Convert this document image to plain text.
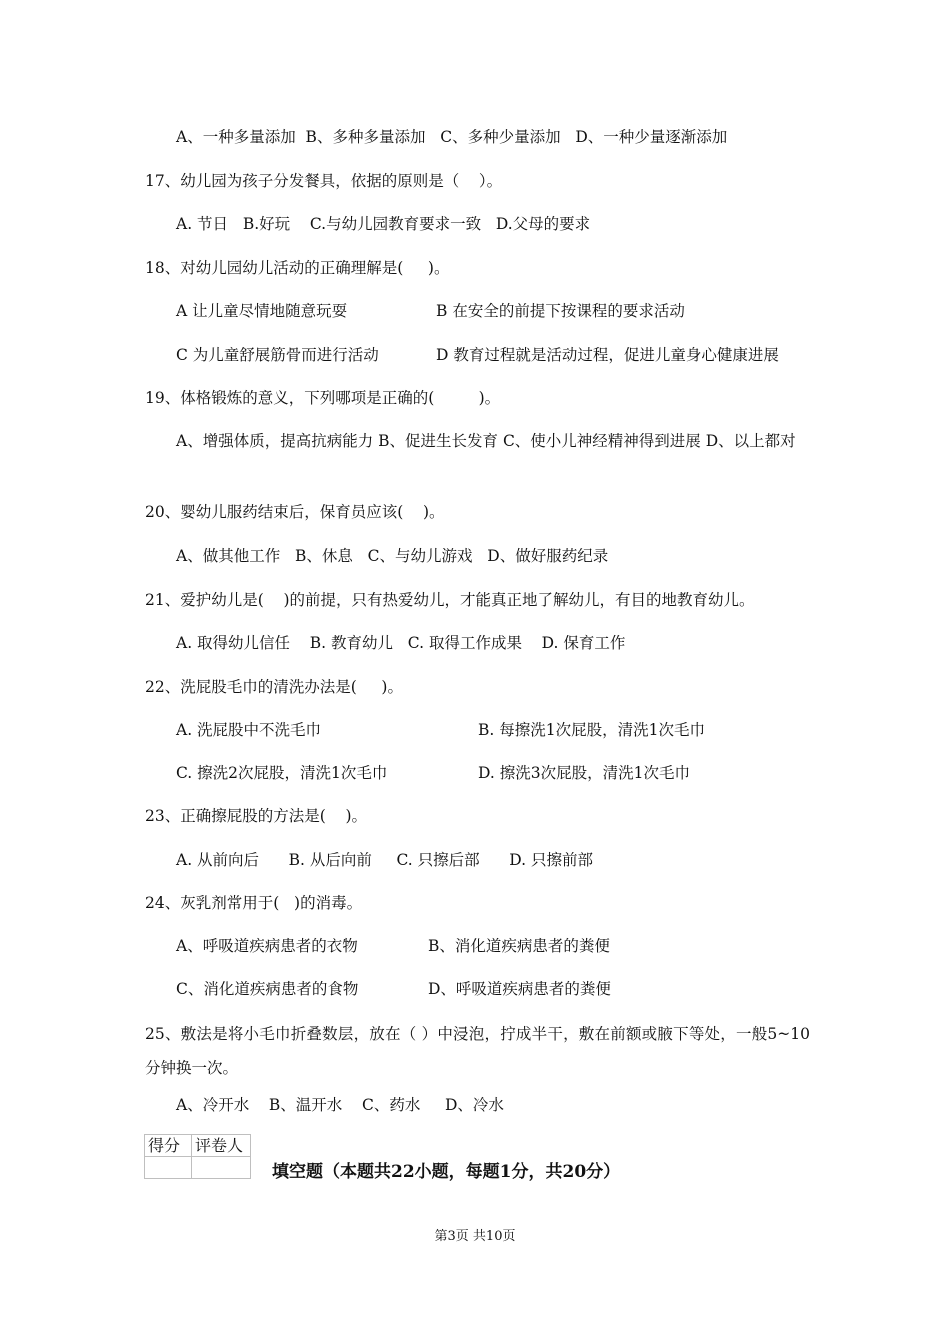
A、一种多量添加  B、多种多量添加   C、多种少量添加   D、一种少量逐渐添加
17、幼儿园为孩子分发餐具，依据的原则是（    ）。
A. 节日   B.好玩    C.与幼儿园教育要求一致   D.父母的要求
18、对幼儿园幼儿活动的正确理解是(     )。
A 让儿童尽情地随意玩耍	B 在安全的前提下按课程的要求活动
C 为儿童舒展筋骨而进行活动	D 教育过程就是活动过程，促进儿童身心健康进展
19、体格锻炼的意义，下列哪项是正确的(         )。
A、增强体质，提高抗病能力 B、促进生长发育 C、使小儿神经精神得到进展 D、以上都对
20、婴幼儿服药结束后，保育员应该(    )。
A、做其他工作   B、休息   C、与幼儿游戏   D、做好服药纪录
21、爱护幼儿是(    )的前提，只有热爱幼儿，才能真正地了解幼儿，有目的地教育幼儿。
A. 取得幼儿信任    B. 教育幼儿   C. 取得工作成果    D. 保育工作
22、洗屁股毛巾的清洗办法是(     )。
A. 洗屁股中不洗毛巾	B. 每擦洗1次屁股，清洗1次毛巾
C. 擦洗2次屁股，清洗1次毛巾	D. 擦洗3次屁股，清洗1次毛巾
23、正确擦屁股的方法是(    )。
A. 从前向后      B. 从后向前     C. 只擦后部      D. 只擦前部
24、灰乳剂常用于(   )的消毒。
A、呼吸道疾病患者的衣物	B、消化道疾病患者的粪便
C、消化道疾病患者的食物	D、呼吸道疾病患者的粪便
25、敷法是将小毛巾折叠数层，放在（ ）中浸泡，拧成半干，敷在前额或腋下等处，一般5~10分钟换一次。
A、冷开水    B、温开水    C、药水     D、冷水
得分	评卷人

填空题（本题共22小题，每题1分，共20分）
第3页 共10页
